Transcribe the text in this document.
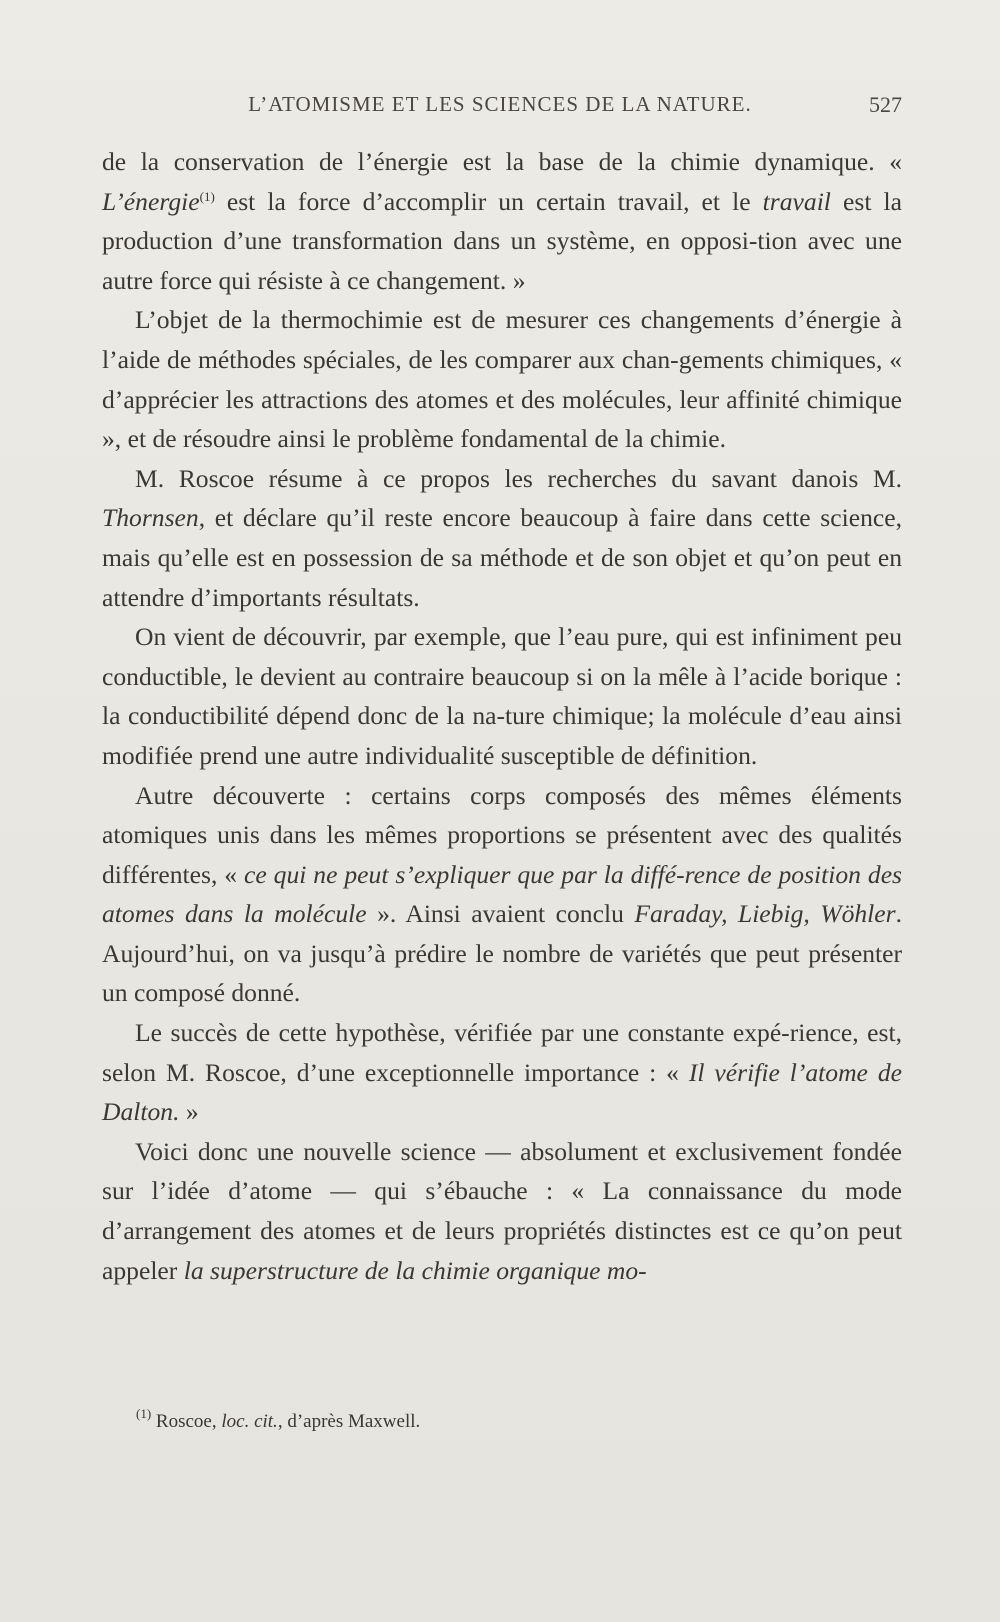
L’ATOMISME ET LES SCIENCES DE LA NATURE.	527

de la conservation de l’énergie est la base de la chimie dynamique. « L’énergie$^{(1)}$ est la force d’accomplir un certain travail, et le travail est la production d’une transformation dans un système, en opposi-tion avec une autre force qui résiste à ce changement. »

L’objet de la thermochimie est de mesurer ces changements d’énergie à l’aide de méthodes spéciales, de les comparer aux chan-gements chimiques, « d’apprécier les attractions des atomes et des molécules, leur affinité chimique », et de résoudre ainsi le problème fondamental de la chimie.

M. Roscoe résume à ce propos les recherches du savant danois M. Thornsen, et déclare qu’il reste encore beaucoup à faire dans cette science, mais qu’elle est en possession de sa méthode et de son objet et qu’on peut en attendre d’importants résultats.

On vient de découvrir, par exemple, que l’eau pure, qui est infiniment peu conductible, le devient au contraire beaucoup si on la mêle à l’acide borique : la conductibilité dépend donc de la na-ture chimique; la molécule d’eau ainsi modifiée prend une autre individualité susceptible de définition.

Autre découverte : certains corps composés des mêmes éléments atomiques unis dans les mêmes proportions se présentent avec des qualités différentes, « ce qui ne peut s’expliquer que par la diffé-rence de position des atomes dans la molécule ». Ainsi avaient conclu Faraday, Liebig, Wöhler. Aujourd’hui, on va jusqu’à prédire le nombre de variétés que peut présenter un composé donné.

Le succès de cette hypothèse, vérifiée par une constante expé-rience, est, selon M. Roscoe, d’une exceptionnelle importance : « Il vérifie l’atome de Dalton. »

Voici donc une nouvelle science — absolument et exclusivement fondée sur l’idée d’atome — qui s’ébauche : « La connaissance du mode d’arrangement des atomes et de leurs propriétés distinctes est ce qu’on peut appeler la superstructure de la chimie organique mo-

$^{(1)}$ Roscoe, loc. cit., d’après Maxwell.
